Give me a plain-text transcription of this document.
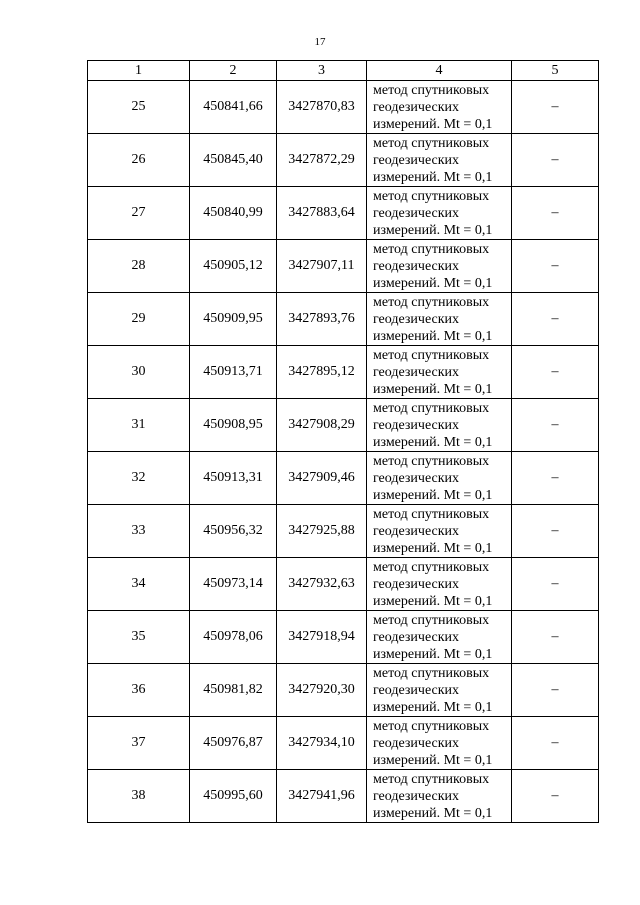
17
1	2	3	4	5
25	450841,66	3427870,83	метод спутниковых
геодезических
измерений. Mt = 0,1	–
26	450845,40	3427872,29	метод спутниковых
геодезических
измерений. Mt = 0,1	–
27	450840,99	3427883,64	метод спутниковых
геодезических
измерений. Mt = 0,1	–
28	450905,12	3427907,11	метод спутниковых
геодезических
измерений. Mt = 0,1	–
29	450909,95	3427893,76	метод спутниковых
геодезических
измерений. Mt = 0,1	–
30	450913,71	3427895,12	метод спутниковых
геодезических
измерений. Mt = 0,1	–
31	450908,95	3427908,29	метод спутниковых
геодезических
измерений. Mt = 0,1	–
32	450913,31	3427909,46	метод спутниковых
геодезических
измерений. Mt = 0,1	–
33	450956,32	3427925,88	метод спутниковых
геодезических
измерений. Mt = 0,1	–
34	450973,14	3427932,63	метод спутниковых
геодезических
измерений. Mt = 0,1	–
35	450978,06	3427918,94	метод спутниковых
геодезических
измерений. Mt = 0,1	–
36	450981,82	3427920,30	метод спутниковых
геодезических
измерений. Mt = 0,1	–
37	450976,87	3427934,10	метод спутниковых
геодезических
измерений. Mt = 0,1	–
38	450995,60	3427941,96	метод спутниковых
геодезических
измерений. Mt = 0,1	–
